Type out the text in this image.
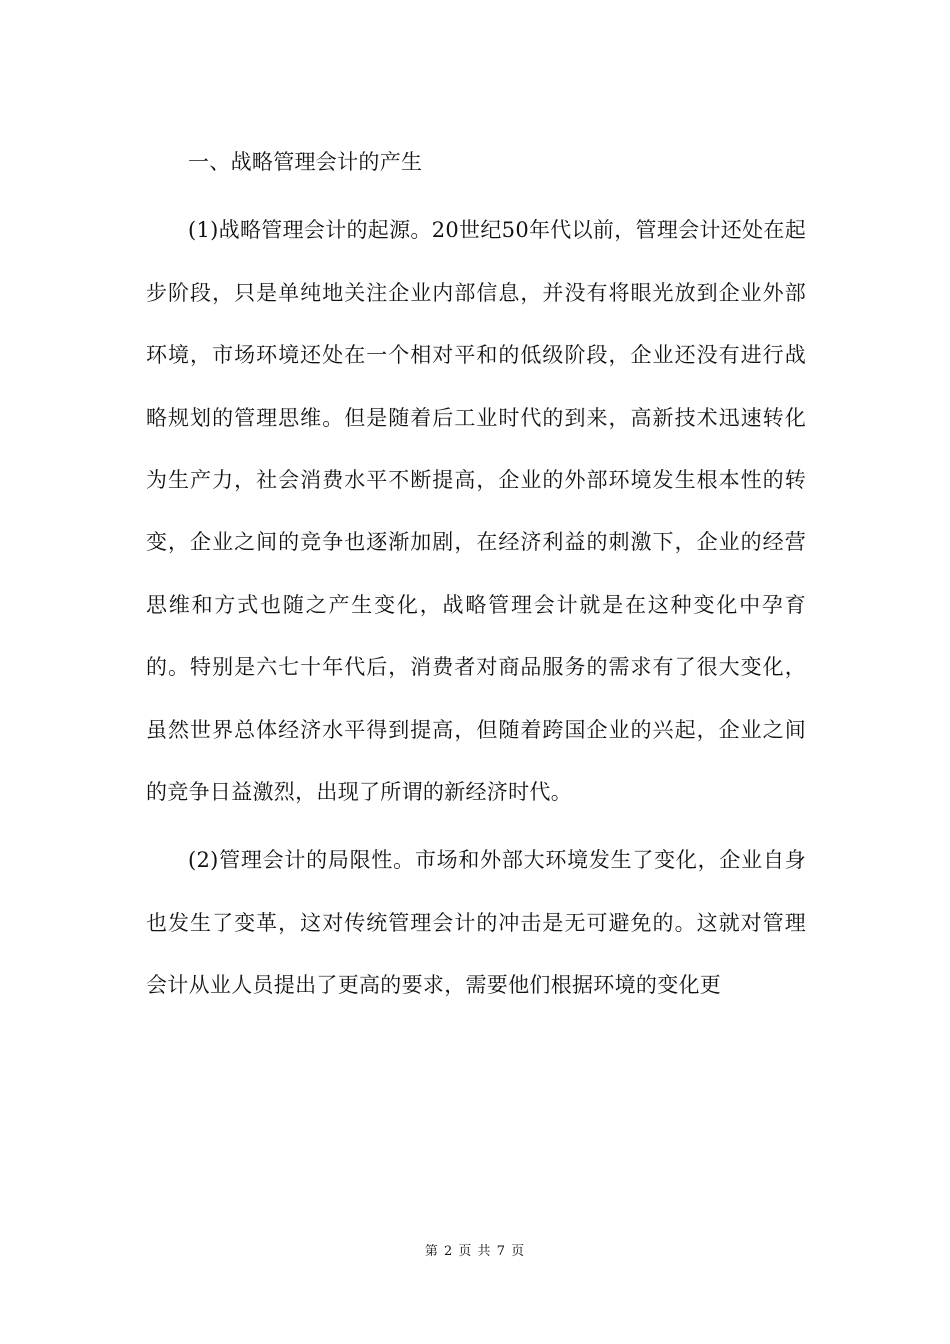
一、战略管理会计的产生

(1)战略管理会计的起源。20世纪50年代以前，管理会计还处在起步阶段，只是单纯地关注企业内部信息，并没有将眼光放到企业外部环境，市场环境还处在一个相对平和的低级阶段，企业还没有进行战略规划的管理思维。但是随着后工业时代的到来，高新技术迅速转化为生产力，社会消费水平不断提高，企业的外部环境发生根本性的转变，企业之间的竞争也逐渐加剧，在经济利益的刺激下，企业的经营思维和方式也随之产生变化，战略管理会计就是在这种变化中孕育的。特别是六七十年代后，消费者对商品服务的需求有了很大变化，虽然世界总体经济水平得到提高，但随着跨国企业的兴起，企业之间的竞争日益激烈，出现了所谓的新经济时代。

(2)管理会计的局限性。市场和外部大环境发生了变化，企业自身也发生了变革，这对传统管理会计的冲击是无可避免的。这就对管理会计从业人员提出了更高的要求，需要他们根据环境的变化更

第 2 页 共 7 页
